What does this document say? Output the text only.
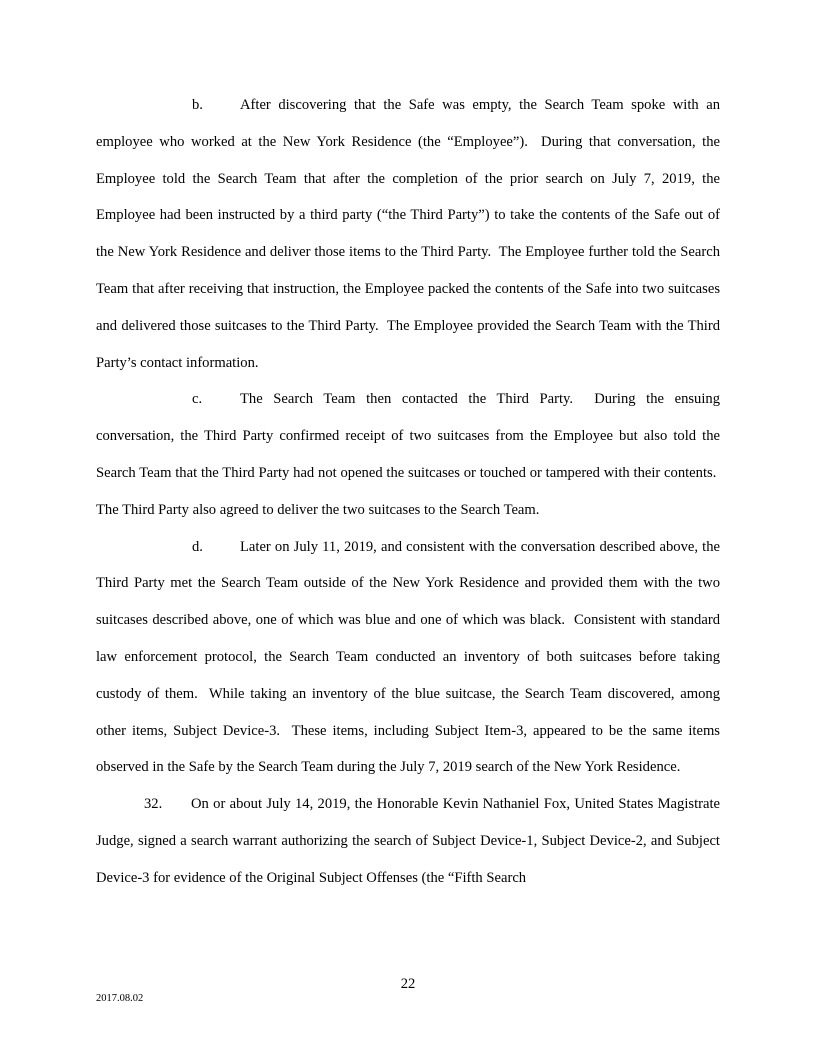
b.	After discovering that the Safe was empty, the Search Team spoke with an employee who worked at the New York Residence (the “Employee”).  During that conversation, the Employee told the Search Team that after the completion of the prior search on July 7, 2019, the Employee had been instructed by a third party (“the Third Party”) to take the contents of the Safe out of the New York Residence and deliver those items to the Third Party.  The Employee further told the Search Team that after receiving that instruction, the Employee packed the contents of the Safe into two suitcases and delivered those suitcases to the Third Party.  The Employee provided the Search Team with the Third Party’s contact information.

c.	The Search Team then contacted the Third Party.  During the ensuing conversation, the Third Party confirmed receipt of two suitcases from the Employee but also told the Search Team that the Third Party had not opened the suitcases or touched or tampered with their contents.  The Third Party also agreed to deliver the two suitcases to the Search Team.

d.	Later on July 11, 2019, and consistent with the conversation described above, the Third Party met the Search Team outside of the New York Residence and provided them with the two suitcases described above, one of which was blue and one of which was black.  Consistent with standard law enforcement protocol, the Search Team conducted an inventory of both suitcases before taking custody of them.  While taking an inventory of the blue suitcase, the Search Team discovered, among other items, Subject Device-3.  These items, including Subject Item-3, appeared to be the same items observed in the Safe by the Search Team during the July 7, 2019 search of the New York Residence.

32. On or about July 14, 2019, the Honorable Kevin Nathaniel Fox, United States Magistrate Judge, signed a search warrant authorizing the search of Subject Device-1, Subject Device-2, and Subject Device-3 for evidence of the Original Subject Offenses (the “Fifth Search

22

2017.08.02
